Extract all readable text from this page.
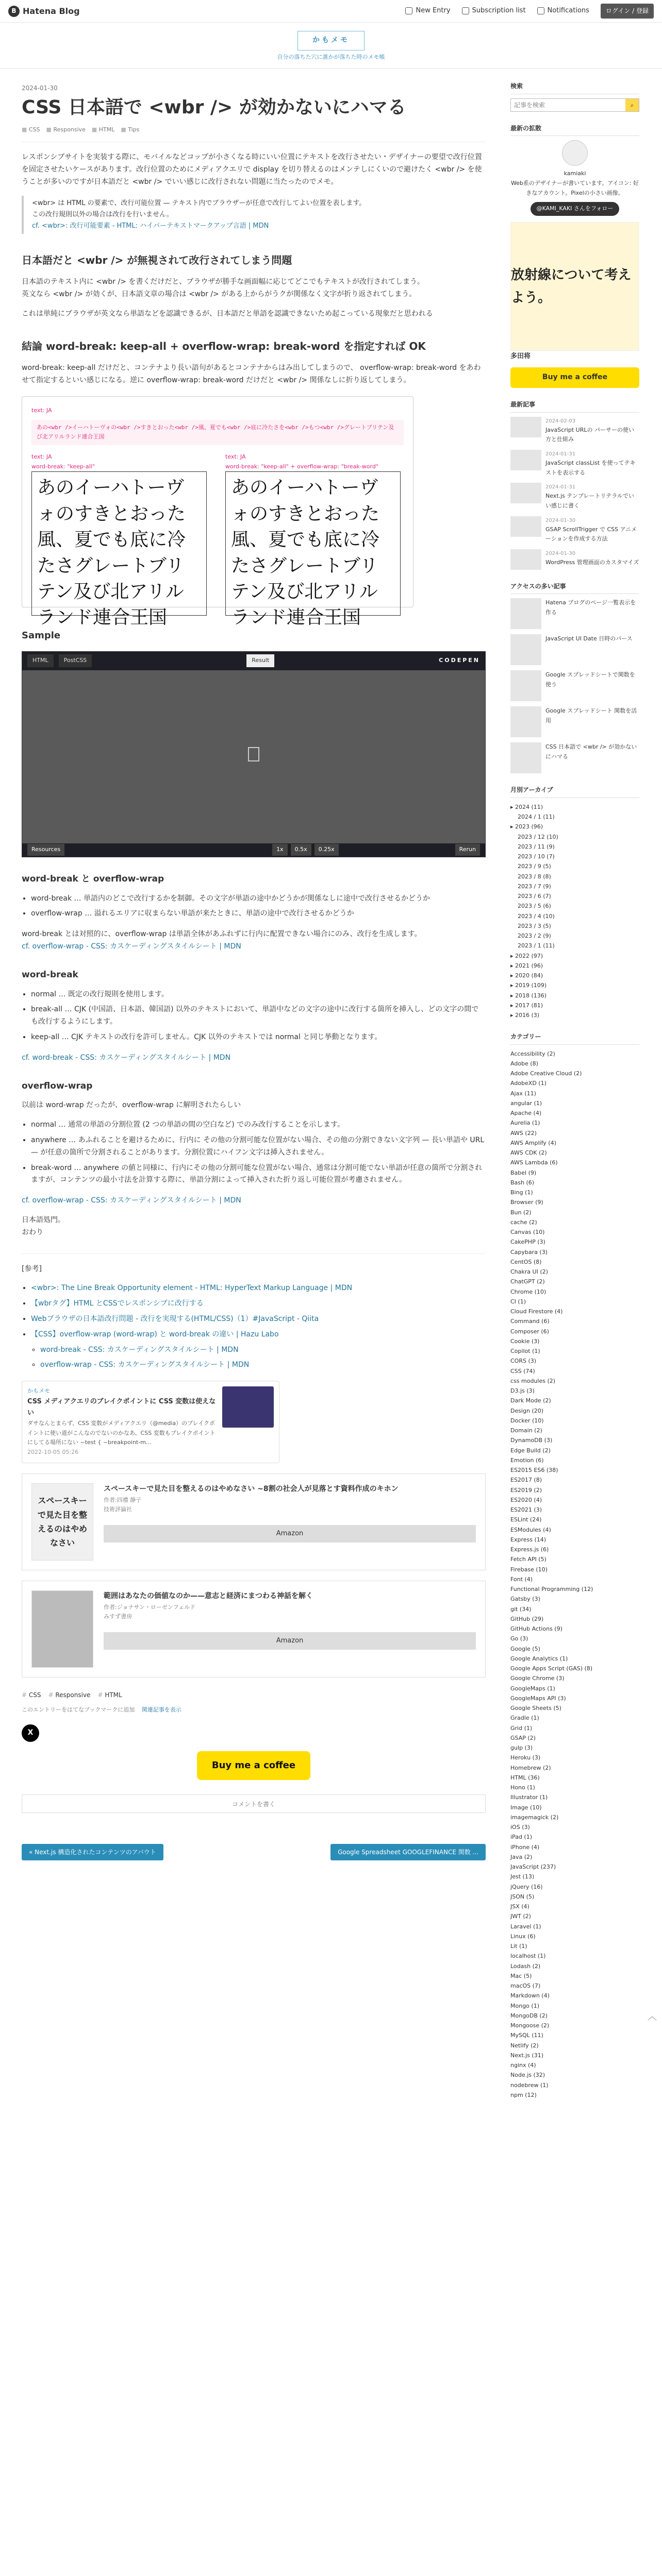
B Hatena Blog	New Entry	Subscription list	Notifications	ログイン / 登録
かもメモ
自分の落ちた穴に誰かが落ちた時のメモ帳
2024-01-30
CSS 日本語で <wbr /> が効かないにハマる
■ CSS	■ Responsive	■ HTML	■ Tips

レスポンシブサイトを実装する際に、モバイルなどコップが小さくなる時にいい位置にテキストを改行させたい・デザイナーの要望で改行位置を固定させたいケースがあります。改行位置のためにメディアクエリで display を切り替えるのはメンテしにくいので避けたく <wbr /> を使うことが多いのですが日本語だと <wbr /> でいい感じに改行されない問題に当たったのでメモ。

<wbr> は HTML の要素で、改行可能位置 — テキスト内でブラウザーが任意で改行してよい位置を表します。

この改行規則以外の場合は改行を行いません。

cf. <wbr>: 改行可能要素 - HTML: ハイパーテキストマークアップ言語 | MDN

日本語だと <wbr /> が無視されて改行されてしまう問題

日本語のテキスト内に <wbr /> を書くだけだと、ブラウザが勝手な画面幅に応じてどこでもテキストが改行されてしまう。

英文なら <wbr /> が効くが、日本語文章の場合は <wbr /> がある上からがうクが関係なく文字が折り返されてしまう。

これは単純にブラウザが英文なら単語などを認識できるが、日本語だと単語を認識できないため起こっている現象だと思われる

結論 word-break: keep-all + overflow-wrap: break-word を指定すれば OK

word-break: keep-all だけだと、コンテナより長い語句があるとコンテナからはみ出してしまうので、 overflow-wrap: break-word をあわせて指定するといい感じになる。逆に overflow-wrap: break-word だけだと <wbr /> 関係なしに折り返してしまう。

text: JA
あの<wbr />イーハトーヴォの<wbr />すきとおった<wbr />風、夏でも<wbr />底に冷たさを<wbr />もつ<wbr />グレートブリテン及び北アリルランド連合王国
text: JA
word-break: "keep-all"
あのイーハトーヴォのすきとおった風、夏でも底に冷たさグレートブリテン及び北アリルランド連合王国
text: JA
word-break: "keep-all" + overflow-wrap: "break-word"
あのイーハトーヴォのすきとおった風、夏でも底に冷たさグレートブリテン及び北アリルランド連合王国
Sample
HTML	PostCSS	Result	CODEPEN
Resources	1x	0.5x	0.25x	Rerun
word-break と overflow-wrap
• word-break … 単語内のどこで改行するかを制御。その文字が単語の途中かどうかが関係なしに途中で改行させるかどうか
• overflow-wrap … 溢れるエリアに収まらない単語が来たときに、単語の途中で改行させるかどうか

word-break とは対照的に、overflow-wrap は単語全体があふれずに行内に配置できない場合にのみ、改行を生成します。

cf. overflow-wrap - CSS: カスケーディングスタイルシート | MDN

word-break
• normal … 既定の改行規則を使用します。
• break-all … CJK (中国語、日本語、韓国語) 以外のテキストにおいて、単語中などの文字の途中に改行する箇所を挿入し、どの文字の間でも改行するようにします。
• keep-all … CJK テキストの改行を許可しません。CJK 以外のテキストでは normal と同じ挙動となります。

cf. word-break - CSS: カスケーディングスタイルシート | MDN

overflow-wrap

以前は word-wrap だったが、overflow-wrap に解明されたらしい

• normal … 通常の単語の分割位置 (2 つの単語の間の空白など) でのみ改行することを示します。
• anywhere … あふれることを避けるために、行内に その他の分割可能な位置がない場合、その他の分割できない文字列 — 長い単語や URL — が任意の箇所で分割されることがあります。分割位置にハイフン文字は挿入されません。
• break-word … anywhere の値と同様に、行内にその他の分割可能な位置がない場合、通常は分割可能でない単語が任意の箇所で分割されますが、コンテンツの最小寸法を計算する際に、単語分割によって挿入された折り返し可能位置が考慮されません。

cf. overflow-wrap - CSS: カスケーディングスタイルシート | MDN

日本語処門。

おわり

[参考]

• <wbr>: The Line Break Opportunity element - HTML: HyperText Markup Language | MDN
• 【wbrタグ】HTML とCSSでレスポンシブに改行する
• Webブラウザの日本語改行問題 - 改行を実現する(HTML/CSS)（1）#JavaScript - Qiita
• 【CSS】overflow-wrap (word-wrap) と word-break の違い | Hazu Labo
◦ word-break - CSS: カスケーディングスタイルシート | MDN
◦ overflow-wrap - CSS: カスケーディングスタイルシート | MDN
かもメモ
CSS メディアクエリのブレイクポイントに CSS 変数は使えない
ダサなんとまらず、CSS 変数がメディアクエリ（@media）のブレイクポイントに使い道がこんなのでないのかなあ、CSS 変数もブレイクポイントにしてる場所にない ~test { ~breakpoint-m...
2022-10-05 05:26
スペースキーで見た目を整えるのはやめなさい
スペースキーで見た目を整えるのはやめなさい ~8割の社会人が見落とす資料作成のキホン
作者:四禮 静子
技術評論社
Amazon
範囲はあなたの価値なのか——意志と経済にまつわる神話を解く
作者:ジョナサン・ローゼンフェルド
みすず書房
Amazon
# CSS	# Responsive	# HTML
このエントリーをはてなブックマークに追加 関連記事を表示
X
Buy me a coffee
コメントを書く
« Next.js 構造化されたコンテンツのアバウト	Google Spreadsheet GOOGLEFINANCE 関数 ...
検索
記事を検索
⌕
最新の拡散
kamiaki
Web系のデザイナーが書いています。アイコン: 好きなアカウント。Pixelの小さい画像。
@KAMI_KAKI さんをフォロー
放射線について考えよう。
多田将
Buy me a coffee
最新記事
2024-02-03
JavaScript URLの パーサーの使い方と仕組み
2024-01-31
JavaScript classList を使ってテキストを表示する
2024-01-31
Next.js テンプレートリテラルでいい感じに書く
2024-01-30
GSAP ScrollTrigger で CSS アニメーションを作成する方法
2024-01-30
WordPress 管理画面のカスタマイズ
アクセスの多い記事
Hatena ブログのページ一覧表示を作る
JavaScript UI Date 日時のパース
Google スプレッドシートで関数を使う
Google スプレッドシート 関数を活用
CSS 日本語で <wbr /> が効かないにハマる
月別アーカイブ
▸ 2024 (11)
2024 / 1 (11)
▸ 2023 (96)
2023 / 12 (10)
2023 / 11 (9)
2023 / 10 (7)
2023 / 9 (5)
2023 / 8 (8)
2023 / 7 (9)
2023 / 6 (7)
2023 / 5 (6)
2023 / 4 (10)
2023 / 3 (5)
2023 / 2 (9)
2023 / 1 (11)
▸ 2022 (97)
▸ 2021 (96)
▸ 2020 (84)
▸ 2019 (109)
▸ 2018 (136)
▸ 2017 (81)
▸ 2016 (3)
カテゴリー
Accessibility (2)
Adobe (8)
Adobe Creative Cloud (2)
AdobeXD (1)
Ajax (11)
angular (1)
Apache (4)
Aurelia (1)
AWS (22)
AWS Amplify (4)
AWS CDK (2)
AWS Lambda (6)
Babel (9)
Bash (6)
Bing (1)
Browser (9)
Bun (2)
cache (2)
Canvas (10)
CakePHP (3)
Capybara (3)
CentOS (8)
Chakra UI (2)
ChatGPT (2)
Chrome (10)
CI (1)
Cloud Firestore (4)
Command (6)
Composer (6)
Cookie (3)
Copilot (1)
CORS (3)
CSS (74)
css modules (2)
D3.js (3)
Dark Mode (2)
Design (20)
Docker (10)
Domain (2)
DynamoDB (3)
Edge Build (2)
Emotion (6)
ES2015 ES6 (38)
ES2017 (8)
ES2019 (2)
ES2020 (4)
ES2021 (3)
ESLint (24)
ESModules (4)
Express (14)
Express.js (6)
Fetch API (5)
Firebase (10)
Font (4)
Functional Programming (12)
Gatsby (3)
git (34)
GitHub (29)
GitHub Actions (9)
Go (3)
Google (5)
Google Analytics (1)
Google Apps Script (GAS) (8)
Google Chrome (3)
GoogleMaps (1)
GoogleMaps API (3)
Google Sheets (5)
Gradle (1)
Grid (1)
GSAP (2)
gulp (3)
Heroku (3)
Homebrew (2)
HTML (36)
Hono (1)
Illustrator (1)
Image (10)
imagemagick (2)
iOS (3)
iPad (1)
iPhone (4)
Java (2)
JavaScript (237)
Jest (13)
jQuery (16)
JSON (5)
JSX (4)
JWT (2)
Laravel (1)
Linux (6)
Lit (1)
localhost (1)
Lodash (2)
Mac (5)
macOS (7)
Markdown (4)
Mongo (1)
MongoDB (2)
Mongoose (2)
MySQL (11)
Netlify (2)
Next.js (31)
nginx (4)
Node.js (32)
nodebrew (1)
npm (12)
︿
